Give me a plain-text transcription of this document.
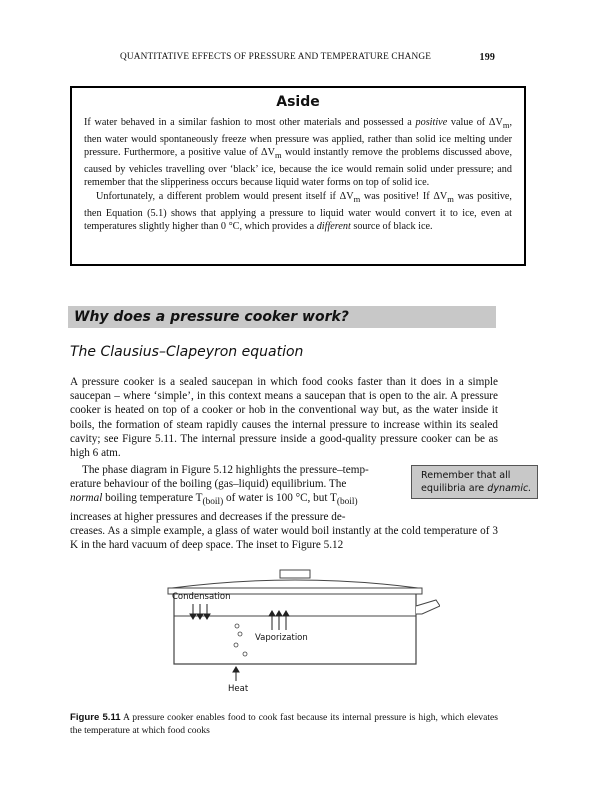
QUANTITATIVE EFFECTS OF PRESSURE AND TEMPERATURE CHANGE	199
Aside

If water behaved in a similar fashion to most other materials and possessed a positive value of $\Delta V_m$, then water would spontaneously freeze when pressure was applied, rather than solid ice melting under pressure. Furthermore, a positive value of $\Delta V_m$ would instantly remove the problems discussed above, caused by vehicles travelling over ‘black’ ice, because the ice would remain solid under pressure; and remember that the slipperiness occurs because liquid water forms on top of solid ice.

Unfortunately, a different problem would present itself if $\Delta V_m$ was positive! If $\Delta V_m$ was positive, then Equation (5.1) shows that applying a pressure to liquid water would convert it to ice, even at temperatures slightly higher than 0 °C, which provides a different source of black ice.

Why does a pressure cooker work?
The Clausius–Clapeyron equation

A pressure cooker is a sealed saucepan in which food cooks faster than it does in a simple saucepan – where ‘simple’, in this context means a saucepan that is open to the air. A pressure cooker is heated on top of a cooker or hob in the conventional way but, as the water inside it boils, the formation of steam rapidly causes the internal pressure to increase within its sealed cavity; see Figure 5.11. The internal pressure inside a good-quality pressure cooker can be as high 6 atm.

The phase diagram in Figure 5.12 highlights the pressure–temp-
erature behaviour of the boiling (gas–liquid) equilibrium. The
normal boiling temperature $T_{(boil)}$ of water is 100 °C, but $T_{(boil)}$
increases at higher pressures and decreases if the pressure de-
creases. As a simple example, a glass of water would boil instantly at the cold temperature of 3 K in the hard vacuum of deep space. The inset to Figure 5.12

Remember that all
equilibria are dynamic.
Condensation
Vaporization
Heat

Figure 5.11 A pressure cooker enables food to cook fast because its internal pressure is high, which elevates the temperature at which food cooks
